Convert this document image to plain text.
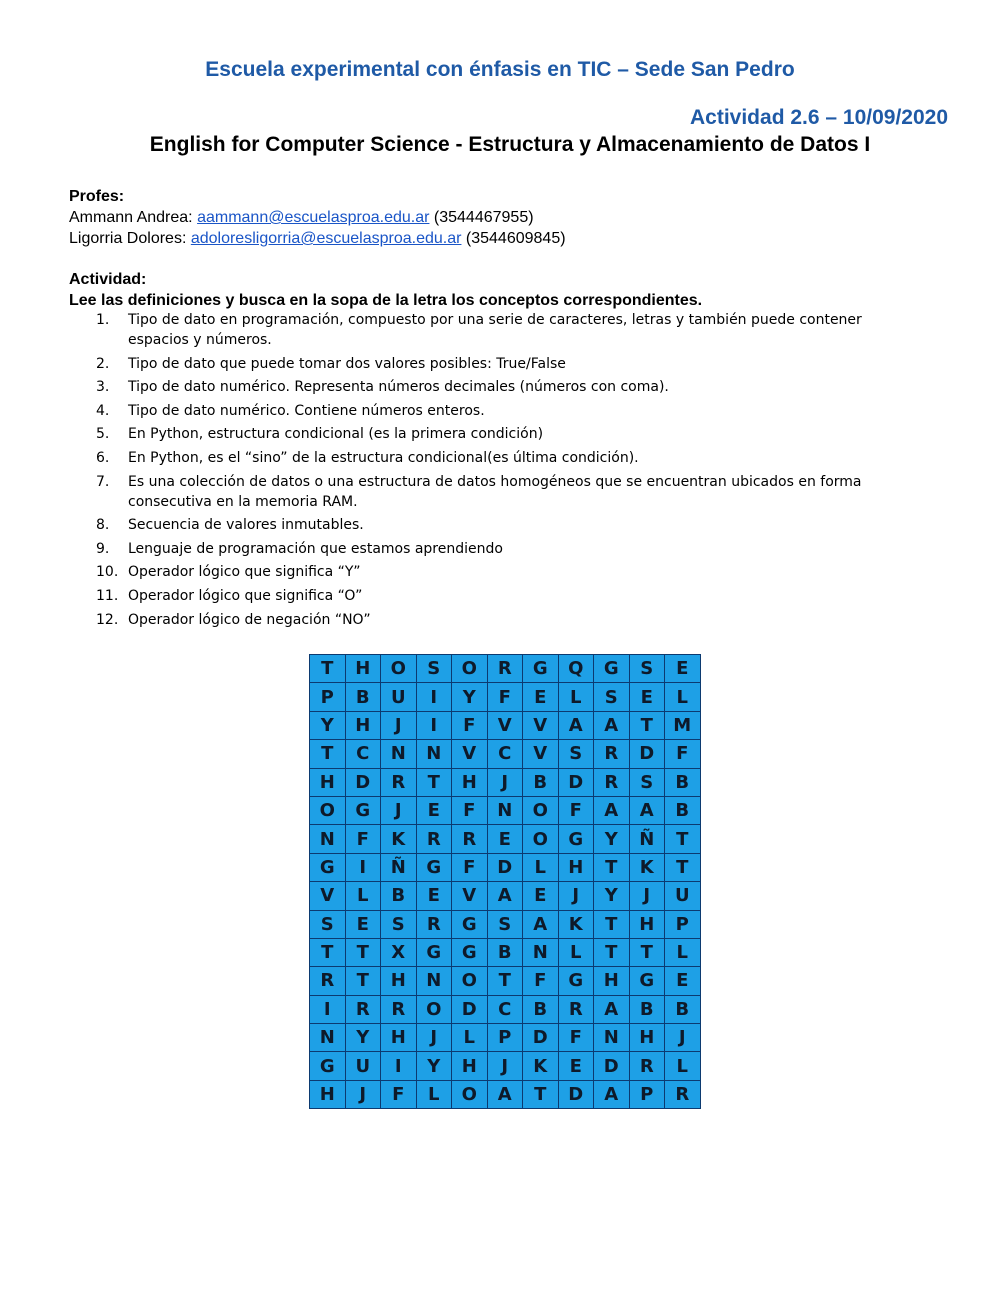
Escuela experimental con énfasis en TIC – Sede San Pedro
Actividad 2.6 – 10/09/2020
English for Computer Science - Estructura y Almacenamiento de Datos I
Profes:
Ammann Andrea: aammann@escuelasproa.edu.ar (3544467955)
Ligorria Dolores: adoloresligorria@escuelasproa.edu.ar (3544609845)
Actividad:
Lee las definiciones y busca en la sopa de la letra los conceptos correspondientes.
1.	Tipo de dato en programación, compuesto por una serie de caracteres, letras y también puede contener espacios y números.
2.	Tipo de dato que puede tomar dos valores posibles: True/False
3.	Tipo de dato numérico. Representa números decimales (números con coma).
4.	Tipo de dato numérico. Contiene números enteros.
5.	En Python, estructura condicional (es la primera condición)
6.	En Python, es el “sino” de la estructura condicional(es última condición).
7.	Es una colección de datos o una estructura de datos homogéneos que se encuentran ubicados en forma consecutiva en la memoria RAM.
8.	Secuencia de valores inmutables.
9.	Lenguaje de programación que estamos aprendiendo
10. Operador lógico que significa “Y”
11. Operador lógico que significa “O”
12. Operador lógico de negación “NO”
T	H	O	S	O	R	G	Q	G	S	E
P	B	U	I	Y	F	E	L	S	E	L
Y	H	J	I	F	V	V	A	A	T	M
T	C	N	N	V	C	V	S	R	D	F
H	D	R	T	H	J	B	D	R	S	B
O	G	J	E	F	N	O	F	A	A	B
N	F	K	R	R	E	O	G	Y	Ñ	T
G	I	Ñ	G	F	D	L	H	T	K	T
V	L	B	E	V	A	E	J	Y	J	U
S	E	S	R	G	S	A	K	T	H	P
T	T	X	G	G	B	N	L	T	T	L
R	T	H	N	O	T	F	G	H	G	E
I	R	R	O	D	C	B	R	A	B	B
N	Y	H	J	L	P	D	F	N	H	J
G	U	I	Y	H	J	K	E	D	R	L
H	J	F	L	O	A	T	D	A	P	R
